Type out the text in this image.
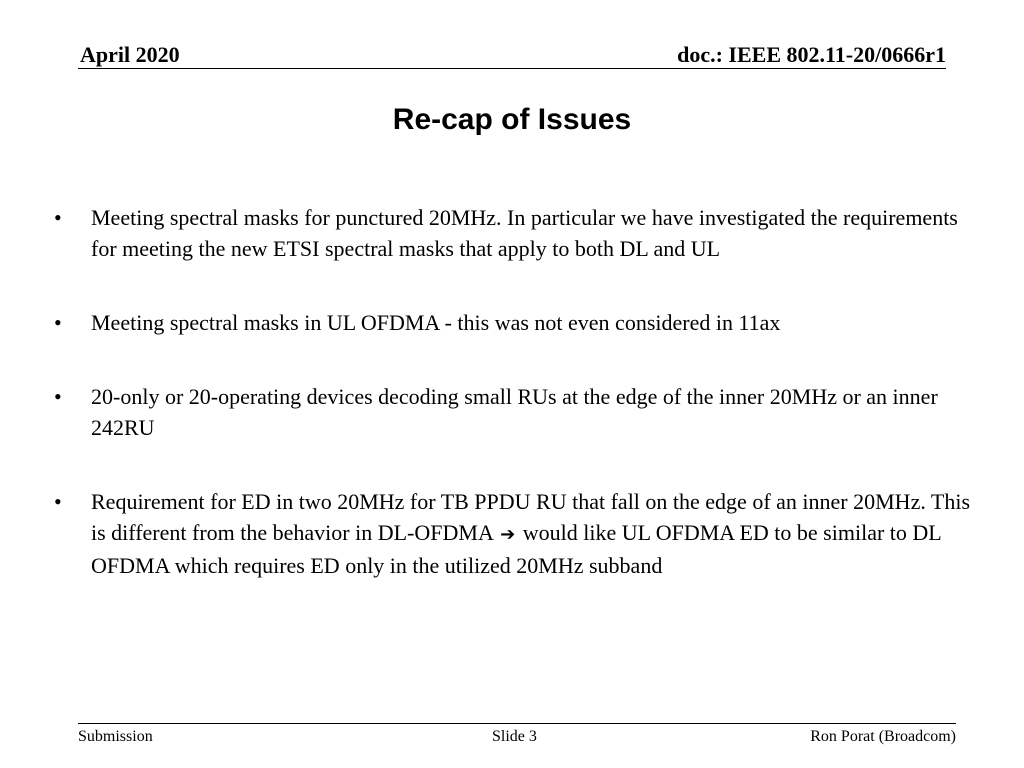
April 2020	doc.: IEEE 802.11-20/0666r1
Re-cap of Issues
• Meeting spectral masks for punctured 20MHz. In particular we have investigated the requirements for meeting the new ETSI spectral masks that apply to both DL and UL
• Meeting spectral masks in UL OFDMA - this was not even considered in 11ax
• 20-only or 20-operating devices decoding small RUs at the edge of the inner 20MHz or an inner 242RU
• Requirement for ED in two 20MHz for TB PPDU RU that fall on the edge of an inner 20MHz. This is different from the behavior in DL-OFDMA ➔ would like UL OFDMA ED to be similar to DL OFDMA which requires ED only in the utilized 20MHz subband
Submission	Slide 3	Ron Porat (Broadcom)
